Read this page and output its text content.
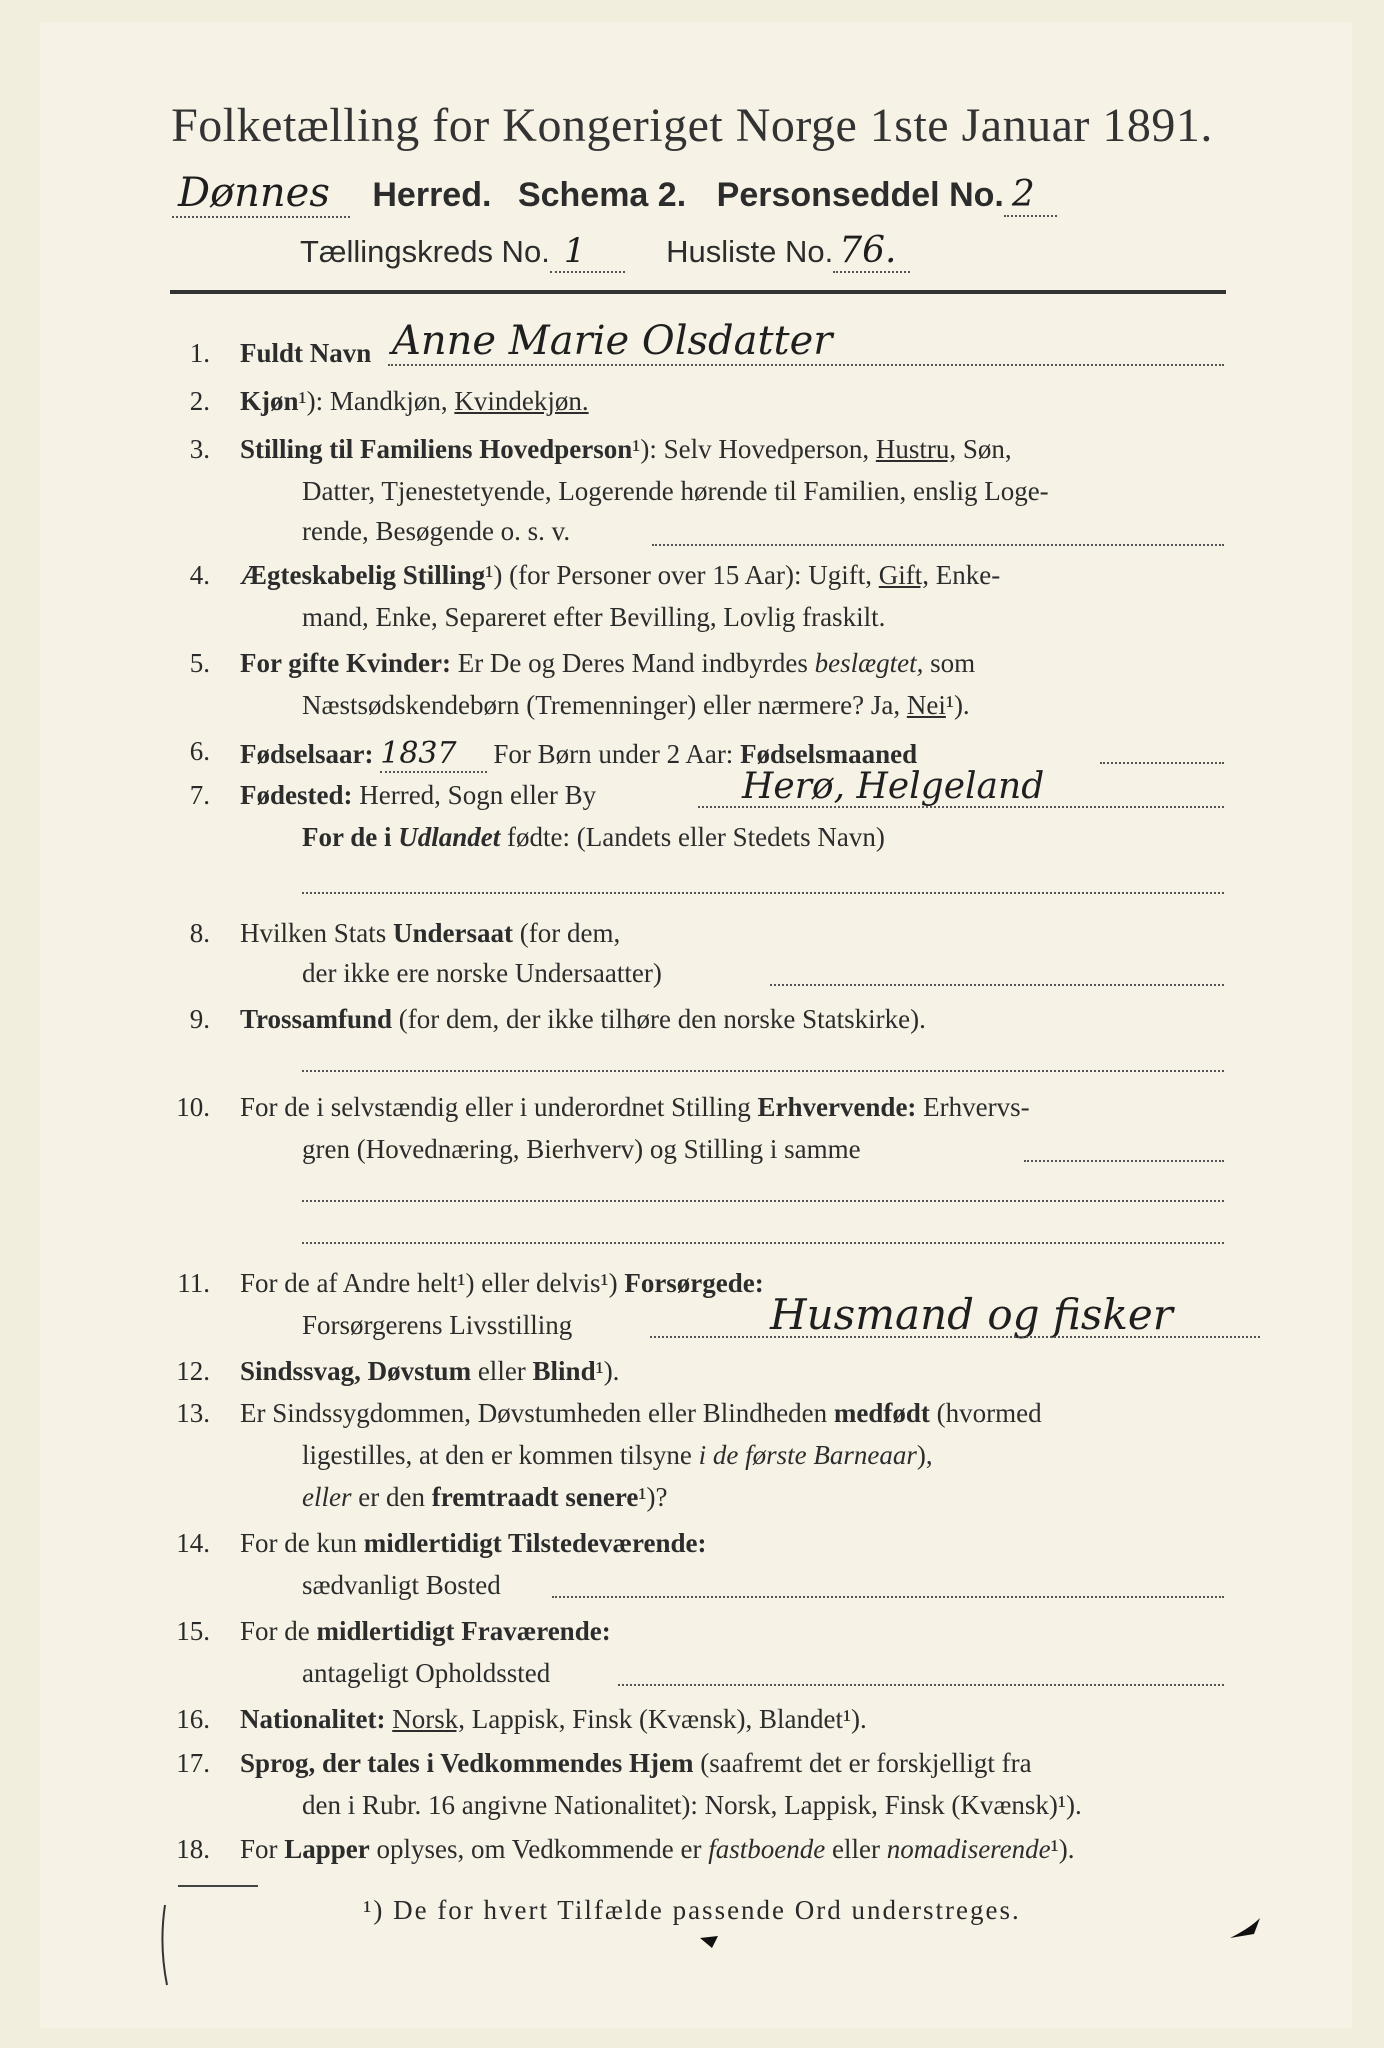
Folketælling for Kongeriget Norge 1ste Januar 1891.
Dønnes Herred. Schema 2. Personseddel No. 2
Tællingskreds No. 1	Husliste No. 76.
1. Fuldt Navn Anne Marie Olsdatter
2. Kjøn¹): Mandkjøn, Kvindekjøn.
3. Stilling til Familiens Hovedperson¹): Selv Hovedperson, Hustru, Søn,
Datter, Tjenestetyende, Logerende hørende til Familien, enslig Loge-
rende, Besøgende o. s. v.
4. Ægteskabelig Stilling¹) (for Personer over 15 Aar): Ugift, Gift, Enke-
mand, Enke, Separeret efter Bevilling, Lovlig fraskilt.
5. For gifte Kvinder: Er De og Deres Mand indbyrdes beslægtet, som
Næstsødskendebørn (Tremenninger) eller nærmere? Ja, Nei¹).
6. Fødselsaar: 1837 For Børn under 2 Aar: Fødselsmaaned
7. Fødested: Herred, Sogn eller By	Herø, Helgeland
For de i Udlandet fødte: (Landets eller Stedets Navn)
8. Hvilken Stats Undersaat (for dem,
der ikke ere norske Undersaatter)
9. Trossamfund (for dem, der ikke tilhøre den norske Statskirke).
10. For de i selvstændig eller i underordnet Stilling Erhvervende: Erhvervs-
gren (Hovednæring, Bierhverv) og Stilling i samme
11. For de af Andre helt¹) eller delvis¹) Forsørgede:
Forsørgerens Livsstilling	Husmand og fisker
12. Sindssvag, Døvstum eller Blind¹).
13. Er Sindssygdommen, Døvstumheden eller Blindheden medfødt (hvormed
ligestilles, at den er kommen tilsyne i de første Barneaar),
eller er den fremtraadt senere¹)?
14. For de kun midlertidigt Tilstedeværende:
sædvanligt Bosted
15. For de midlertidigt Fraværende:
antageligt Opholdssted
16. Nationalitet: Norsk, Lappisk, Finsk (Kvænsk), Blandet¹).
17. Sprog, der tales i Vedkommendes Hjem (saafremt det er forskjelligt fra
den i Rubr. 16 angivne Nationalitet): Norsk, Lappisk, Finsk (Kvænsk)¹).
18. For Lapper oplyses, om Vedkommende er fastboende eller nomadiserende¹).
¹) De for hvert Tilfælde passende Ord understreges.
